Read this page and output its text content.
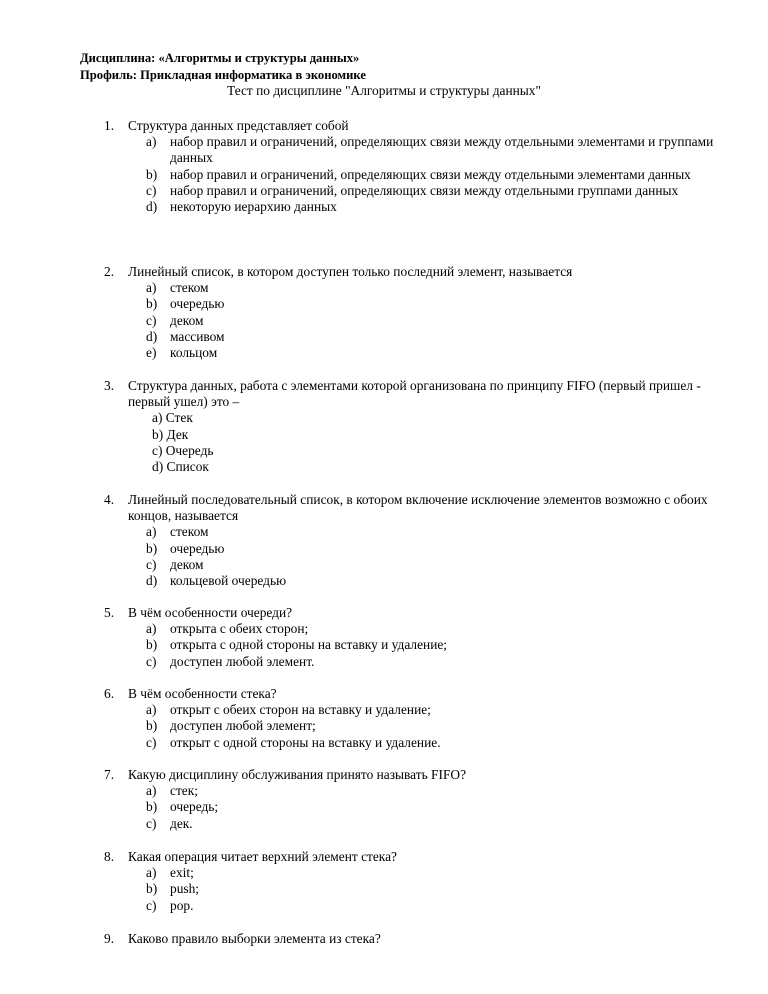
Дисциплина: «Алгоритмы и структуры данных»
Профиль: Прикладная информатика в экономике
Тест по дисциплине "Алгоритмы и структуры данных"
1.	Структура данных представляет собой
a)	набор правил и ограничений, определяющих связи между отдельными элементами и группами данных
b) набор правил и ограничений, определяющих связи между отдельными элементами данных
c)	набор правил и ограничений, определяющих связи между отдельными группами данных
d) некоторую иерархию данных
2.	Линейный список, в котором доступен только последний элемент, называется
a)	стеком
b) очередью
c)	деком
d) массивом
e)	кольцом
3.	Структура данных, работа с элементами которой организована по принципу FIFO (первый пришел - первый ушел) это –
a) Стек
b) Дек
c) Очередь
d) Список
4.	Линейный последовательный список, в котором включение исключение элементов возможно с обоих концов, называется
a)	стеком
b) очередью
c)	деком
d) кольцевой очередью
5.	В чём особенности очереди?
a)	открыта с обеих сторон;
b) открыта с одной стороны на вставку и удаление;
c)	доступен любой элемент.
6.	В чём особенности стека?
a)	открыт с обеих сторон на вставку и удаление;
b) доступен любой элемент;
c)	открыт с одной стороны на вставку и удаление.
7.	Какую дисциплину обслуживания принято называть FIFO?
a)	стек;
b) очередь;
c)	дек.
8.	Какая операция читает верхний элемент стека?
a)	exit;
b) push;
c)	pop.
9.	Каково правило выборки элемента из стека?
